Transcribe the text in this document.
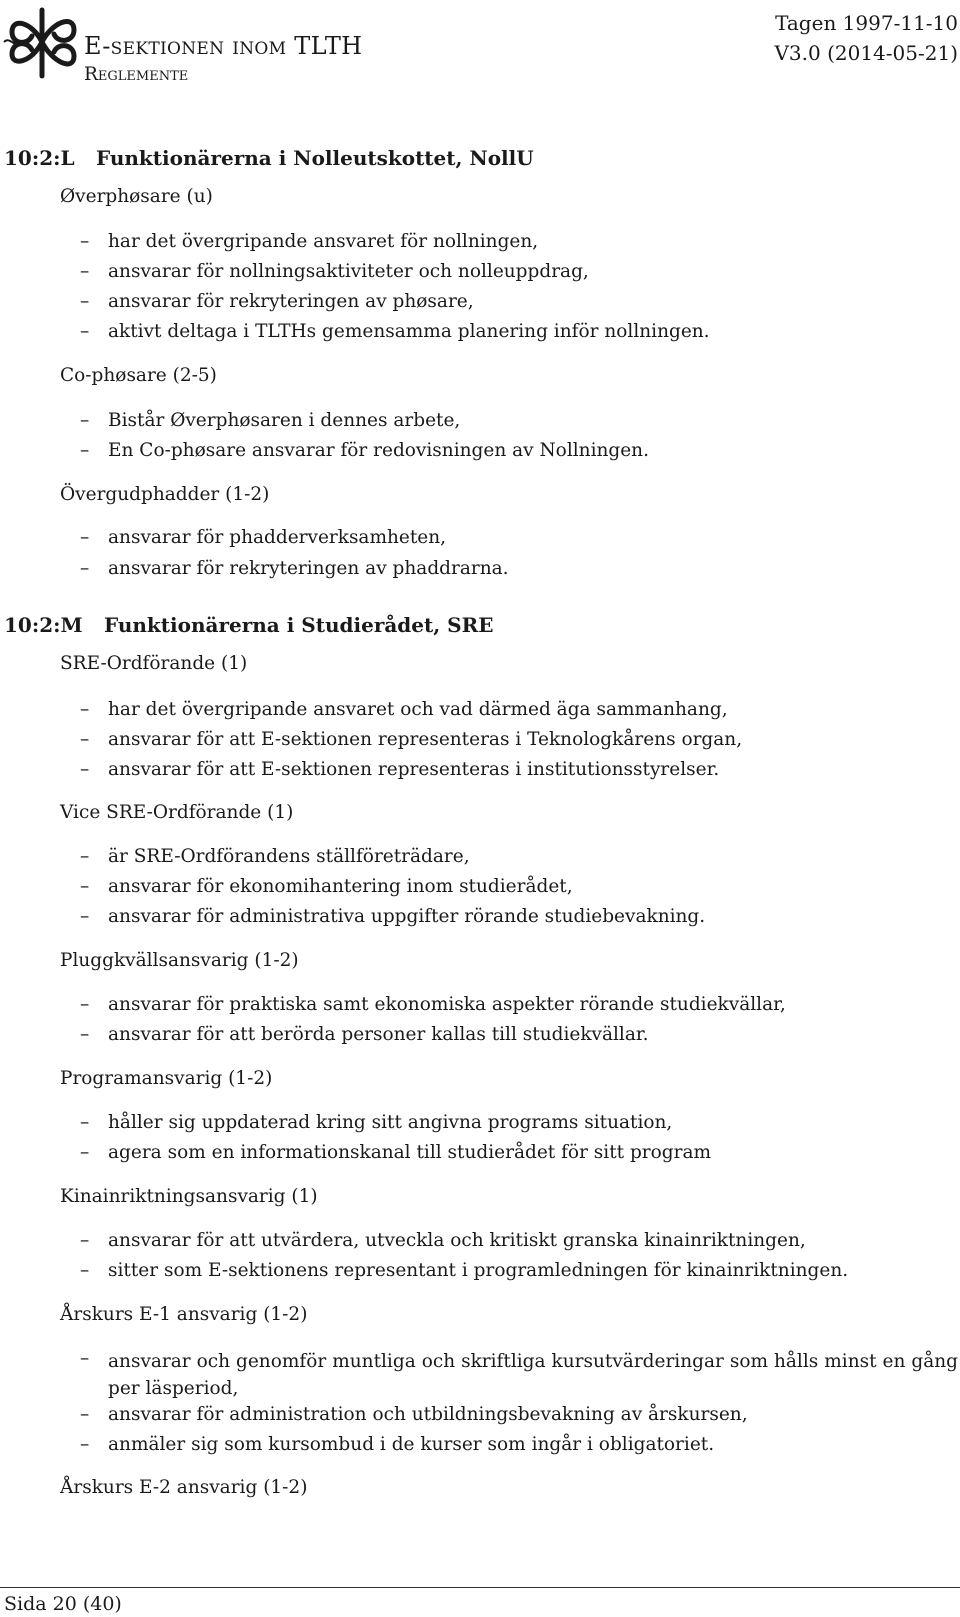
E-sektionen inom TLTH
Reglemente
Tagen 1997-11-10
V3.0 (2014-05-21)
10:2:L Funktionärerna i Nolleutskottet, NollU
Øverphøsare (u)
– har det övergripande ansvaret för nollningen,
– ansvarar för nollningsaktiviteter och nolleuppdrag,
– ansvarar för rekryteringen av phøsare,
– aktivt deltaga i TLTHs gemensamma planering inför nollningen.
Co-phøsare (2-5)
– Bistår Øverphøsaren i dennes arbete,
– En Co-phøsare ansvarar för redovisningen av Nollningen.
Övergudphadder (1-2)
– ansvarar för phadderverksamheten,
– ansvarar för rekryteringen av phaddrarna.
10:2:M Funktionärerna i Studierådet, SRE
SRE-Ordförande (1)
– har det övergripande ansvaret och vad därmed äga sammanhang,
– ansvarar för att E-sektionen representeras i Teknologkårens organ,
– ansvarar för att E-sektionen representeras i institutionsstyrelser.
Vice SRE-Ordförande (1)
– är SRE-Ordförandens ställföreträdare,
– ansvarar för ekonomihantering inom studierådet,
– ansvarar för administrativa uppgifter rörande studiebevakning.
Pluggkvällsansvarig (1-2)
– ansvarar för praktiska samt ekonomiska aspekter rörande studiekvällar,
– ansvarar för att berörda personer kallas till studiekvällar.
Programansvarig (1-2)
– håller sig uppdaterad kring sitt angivna programs situation,
– agera som en informationskanal till studierådet för sitt program
Kinainriktningsansvarig (1)
– ansvarar för att utvärdera, utveckla och kritiskt granska kinainriktningen,
– sitter som E-sektionens representant i programledningen för kinainriktningen.
Årskurs E-1 ansvarig (1-2)
– ansvarar och genomför muntliga och skriftliga kursutvärderingar som hålls minst en gång per läsperiod,
– ansvarar för administration och utbildningsbevakning av årskursen,
– anmäler sig som kursombud i de kurser som ingår i obligatoriet.
Årskurs E-2 ansvarig (1-2)
Sida 20 (40)
